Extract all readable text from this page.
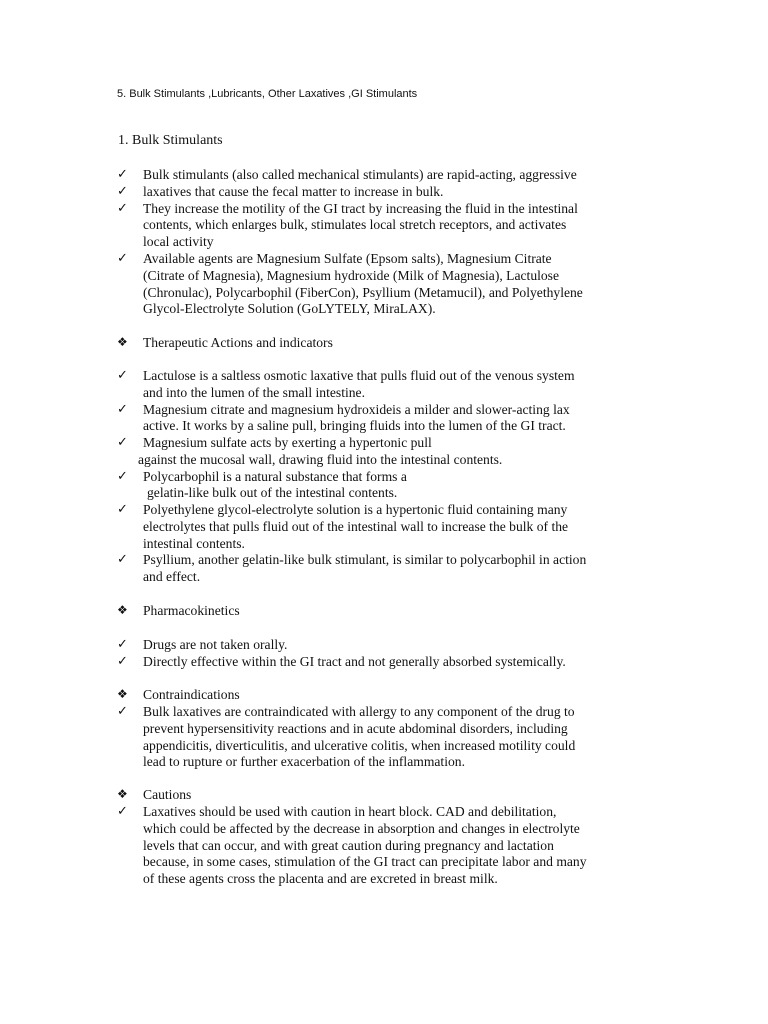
5. Bulk Stimulants ,Lubricants, Other Laxatives ,GI Stimulants
1. Bulk Stimulants
✓ Bulk stimulants (also called mechanical stimulants) are rapid-acting, aggressive
✓ laxatives that cause the fecal matter to increase in bulk.
✓ They increase the motility of the GI tract by increasing the fluid in the intestinal
contents, which enlarges bulk, stimulates local stretch receptors, and activates
local activity
✓ Available agents are Magnesium Sulfate (Epsom salts), Magnesium Citrate
(Citrate of Magnesia), Magnesium hydroxide (Milk of Magnesia), Lactulose
(Chronulac), Polycarbophil (FiberCon), Psyllium (Metamucil), and Polyethylene
Glycol-Electrolyte Solution (GoLYTELY, MiraLAX).
❖ Therapeutic Actions and indicators
✓ Lactulose is a saltless osmotic laxative that pulls fluid out of the venous system
and into the lumen of the small intestine.
✓ Magnesium citrate and magnesium hydroxideis a milder and slower-acting lax
active. It works by a saline pull, bringing fluids into the lumen of the GI tract.
✓ Magnesium sulfate acts by exerting a hypertonic pull
against the mucosal wall, drawing fluid into the intestinal contents.
✓ Polycarbophil is a natural substance that forms a
gelatin-like bulk out of the intestinal contents.
✓ Polyethylene glycol-electrolyte solution is a hypertonic fluid containing many
electrolytes that pulls fluid out of the intestinal wall to increase the bulk of the
intestinal contents.
✓ Psyllium, another gelatin-like bulk stimulant, is similar to polycarbophil in action
and effect.
❖ Pharmacokinetics
✓ Drugs are not taken orally.
✓ Directly effective within the GI tract and not generally absorbed systemically.
❖ Contraindications
✓ Bulk laxatives are contraindicated with allergy to any component of the drug to
prevent hypersensitivity reactions and in acute abdominal disorders, including
appendicitis, diverticulitis, and ulcerative colitis, when increased motility could
lead to rupture or further exacerbation of the inflammation.
❖ Cautions
✓ Laxatives should be used with caution in heart block. CAD and debilitation,
which could be affected by the decrease in absorption and changes in electrolyte
levels that can occur, and with great caution during pregnancy and lactation
because, in some cases, stimulation of the GI tract can precipitate labor and many
of these agents cross the placenta and are excreted in breast milk.
